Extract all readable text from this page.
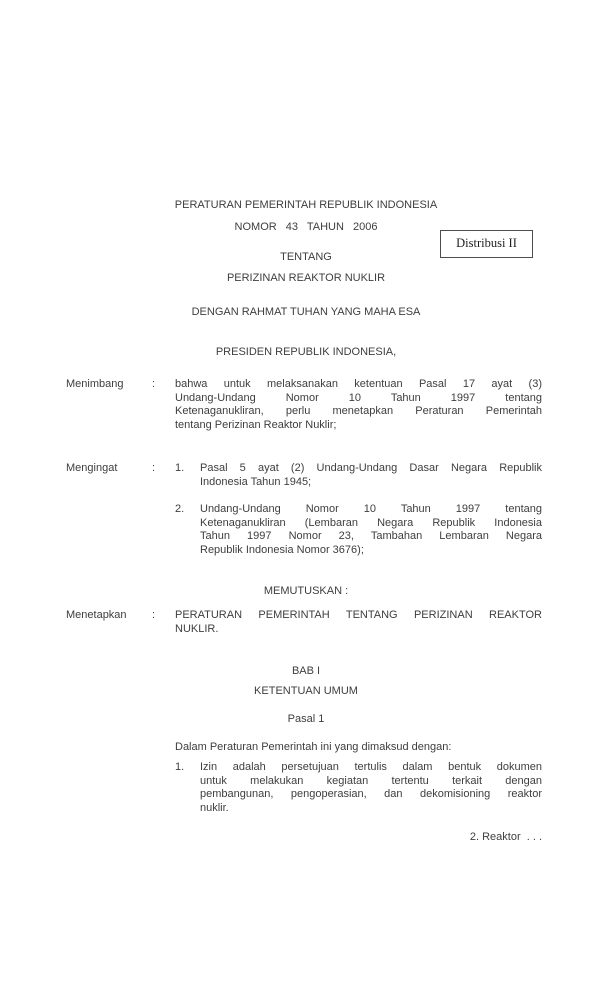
PERATURAN PEMERINTAH REPUBLIK INDONESIA
NOMOR 43 TAHUN 2006
Distribusi II
TENTANG
PERIZINAN REAKTOR NUKLIR
DENGAN RAHMAT TUHAN YANG MAHA ESA
PRESIDEN REPUBLIK INDONESIA,
Menimbang	:	bahwa untuk melaksanakan ketentuan Pasal 17 ayat (3)
Undang-Undang Nomor 10 Tahun 1997 tentang
Ketenaganukliran, perlu menetapkan Peraturan Pemerintah
tentang Perizinan Reaktor Nuklir;
Mengingat	:	1.	Pasal 5 ayat (2) Undang-Undang Dasar Negara Republik
Indonesia Tahun 1945;
2.	Undang-Undang Nomor 10 Tahun 1997 tentang
Ketenaganukliran (Lembaran Negara Republik Indonesia
Tahun 1997 Nomor 23, Tambahan Lembaran Negara
Republik Indonesia Nomor 3676);
MEMUTUSKAN :
Menetapkan	:	PERATURAN PEMERINTAH TENTANG PERIZINAN REAKTOR
NUKLIR.
BAB I
KETENTUAN UMUM
Pasal 1
Dalam Peraturan Pemerintah ini yang dimaksud dengan:
1.	Izin adalah persetujuan tertulis dalam bentuk dokumen
untuk melakukan kegiatan tertentu terkait dengan
pembangunan, pengoperasian, dan dekomisioning reaktor
nuklir.
2. Reaktor  . . .
